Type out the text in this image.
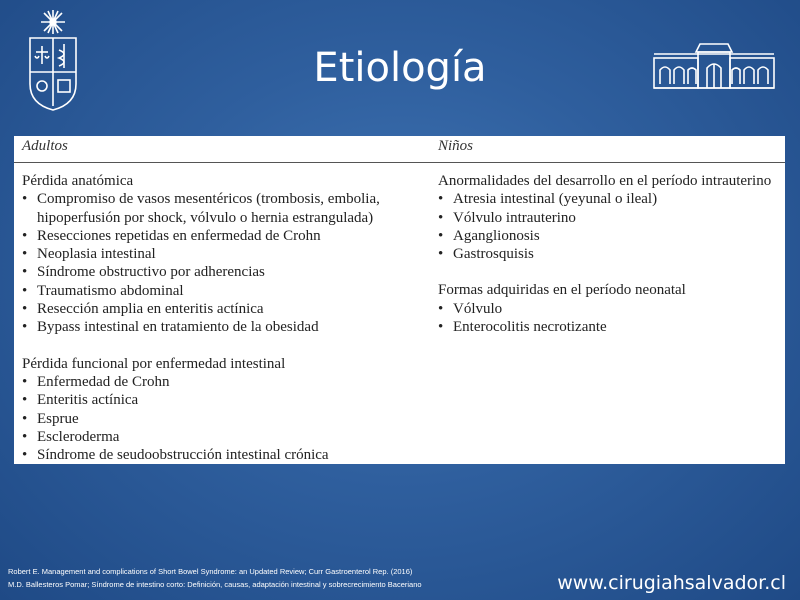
Etiología
Adultos	Niños

Pérdida anatómica

• Compromiso de vasos mesentéricos (trombosis, embolia, hipoperfusión por shock, vólvulo o hernia estrangulada)

• Resecciones repetidas en enfermedad de Crohn

• Neoplasia intestinal

• Síndrome obstructivo por adherencias

• Traumatismo abdominal

• Resección amplia en enteritis actínica

• Bypass intestinal en tratamiento de la obesidad

Pérdida funcional por enfermedad intestinal

• Enfermedad de Crohn

• Enteritis actínica

• Esprue

• Escleroderma

• Síndrome de seudoobstrucción intestinal crónica

Anormalidades del desarrollo en el período intrauterino

• Atresia intestinal (yeyunal o ileal)

• Vólvulo intrauterino

• Aganglionosis

• Gastrosquisis

Formas adquiridas en el período neonatal

• Vólvulo

• Enterocolitis necrotizante

Robert E. Management and complications of Short Bowel Syndrome: an Updated Review; Curr Gastroenterol Rep. (2016)
M.D. Ballesteros Pomar; Síndrome de intestino corto: Definición, causas, adaptación intestinal y sobrecrecimiento Baceriano	www.cirugiahsalvador.cl
